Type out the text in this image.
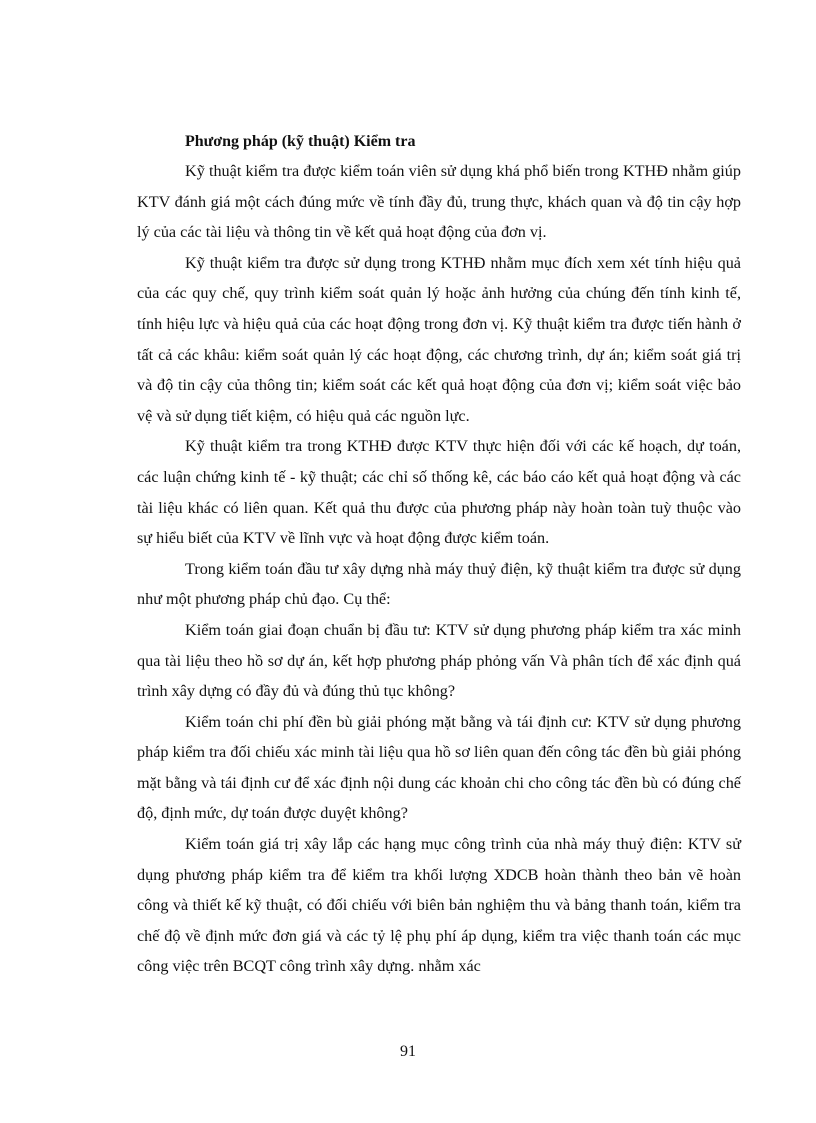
Phương pháp (kỹ thuật) Kiểm tra

Kỹ thuật kiểm tra được kiểm toán viên sử dụng khá phổ biến trong KTHĐ nhằm giúp KTV đánh giá một cách đúng mức về tính đầy đủ, trung thực, khách quan và độ tin cậy hợp lý của các tài liệu và thông tin về kết quả hoạt động của đơn vị.

Kỹ thuật kiểm tra được sử dụng trong KTHĐ nhằm mục đích xem xét tính hiệu quả của các quy chế, quy trình kiểm soát quản lý hoặc ảnh hưởng của chúng đến tính kinh tế, tính hiệu lực và hiệu quả của các hoạt động trong đơn vị. Kỹ thuật kiểm tra được tiến hành ở tất cả các khâu: kiểm soát quản lý các hoạt động, các chương trình, dự án; kiểm soát giá trị và độ tin cậy của thông tin; kiểm soát các kết quả hoạt động của đơn vị; kiểm soát việc bảo vệ và sử dụng tiết kiệm, có hiệu quả các nguồn lực.

Kỹ thuật kiểm tra trong KTHĐ được KTV thực hiện đối với các kế hoạch, dự toán, các luận chứng kinh tế - kỹ thuật; các chỉ số thống kê, các báo cáo kết quả hoạt động và các tài liệu khác có liên quan. Kết quả thu được của phương pháp này hoàn toàn tuỳ thuộc vào sự hiểu biết của KTV về lĩnh vực và hoạt động được kiểm toán.

Trong kiểm toán đầu tư xây dựng nhà máy thuỷ điện, kỹ thuật kiểm tra được sử dụng như một phương pháp chủ đạo. Cụ thể:

Kiểm toán giai đoạn chuẩn bị đầu tư: KTV sử dụng phương pháp kiểm tra xác minh qua tài liệu theo hồ sơ dự án, kết hợp phương pháp phỏng vấn Và phân tích để xác định quá trình xây dựng có đầy đủ và đúng thủ tục không?

Kiểm toán chi phí đền bù giải phóng mặt bằng và tái định cư: KTV sử dụng phương pháp kiểm tra đối chiếu xác minh tài liệu qua hồ sơ liên quan đến công tác đền bù giải phóng mặt bằng và tái định cư để xác định nội dung các khoản chi cho công tác đền bù có đúng chế độ, định mức, dự toán được duyệt không?

Kiểm toán giá trị xây lắp các hạng mục công trình của nhà máy thuỷ điện: KTV sử dụng phương pháp kiểm tra để kiểm tra khối lượng XDCB hoàn thành theo bản vẽ hoàn công và thiết kế kỹ thuật, có đối chiếu với biên bản nghiệm thu và bảng thanh toán, kiểm tra chế độ về định mức đơn giá và các tỷ lệ phụ phí áp dụng, kiểm tra việc thanh toán các mục công việc trên BCQT công trình xây dựng. nhằm xác

91
